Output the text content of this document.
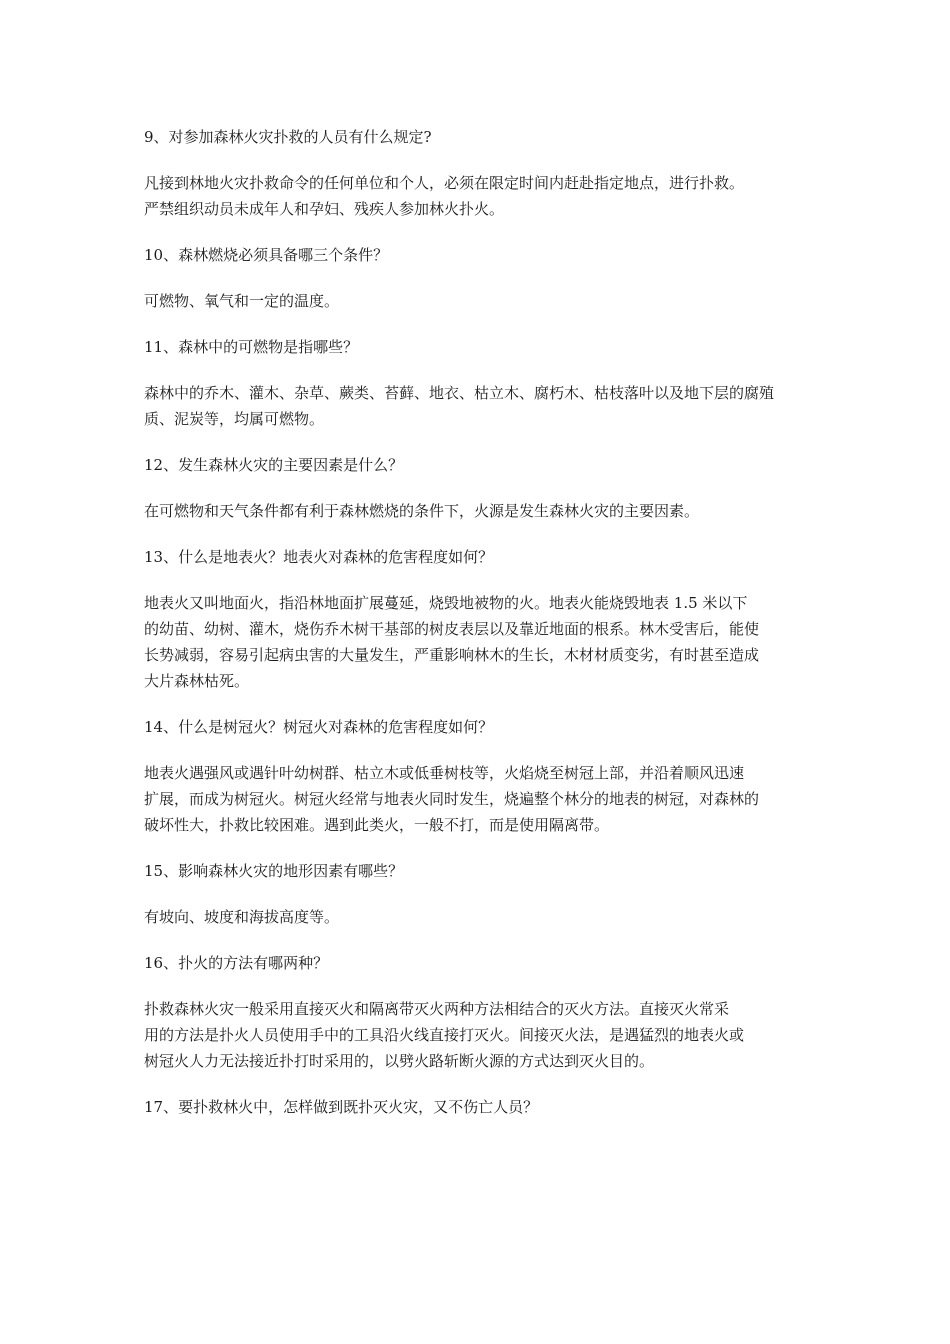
9、对参加森林火灾扑救的人员有什么规定?

凡接到林地火灾扑救命令的任何单位和个人，必须在限定时间内赶赴指定地点，进行扑救。
严禁组织动员未成年人和孕妇、残疾人参加林火扑火。

10、森林燃烧必须具备哪三个条件？

可燃物、氧气和一定的温度。

11、森林中的可燃物是指哪些？

森林中的乔木、灌木、杂草、蕨类、苔藓、地衣、枯立木、腐朽木、枯枝落叶以及地下层的腐殖
质、泥炭等，均属可燃物。

12、发生森林火灾的主要因素是什么？

在可燃物和天气条件都有利于森林燃烧的条件下，火源是发生森林火灾的主要因素。

13、什么是地表火？地表火对森林的危害程度如何？

地表火又叫地面火，指沿林地面扩展蔓延，烧毁地被物的火。地表火能烧毁地表 1.5 米以下
的幼苗、幼树、灌木，烧伤乔木树干基部的树皮表层以及靠近地面的根系。林木受害后，能使
长势减弱，容易引起病虫害的大量发生，严重影响林木的生长，木材材质变劣，有时甚至造成
大片森林枯死。

14、什么是树冠火？树冠火对森林的危害程度如何？

地表火遇强风或遇针叶幼树群、枯立木或低垂树枝等，火焰烧至树冠上部，并沿着顺风迅速
扩展，而成为树冠火。树冠火经常与地表火同时发生，烧遍整个林分的地表的树冠，对森林的
破坏性大，扑救比较困难。遇到此类火，一般不打，而是使用隔离带。

15、影响森林火灾的地形因素有哪些？

有坡向、坡度和海拔高度等。

16、扑火的方法有哪两种？

扑救森林火灾一般采用直接灭火和隔离带灭火两种方法相结合的灭火方法。直接灭火常采
用的方法是扑火人员使用手中的工具沿火线直接打灭火。间接灭火法，是遇猛烈的地表火或
树冠火人力无法接近扑打时采用的，以劈火路斩断火源的方式达到灭火目的。

17、要扑救林火中，怎样做到既扑灭火灾，又不伤亡人员？
